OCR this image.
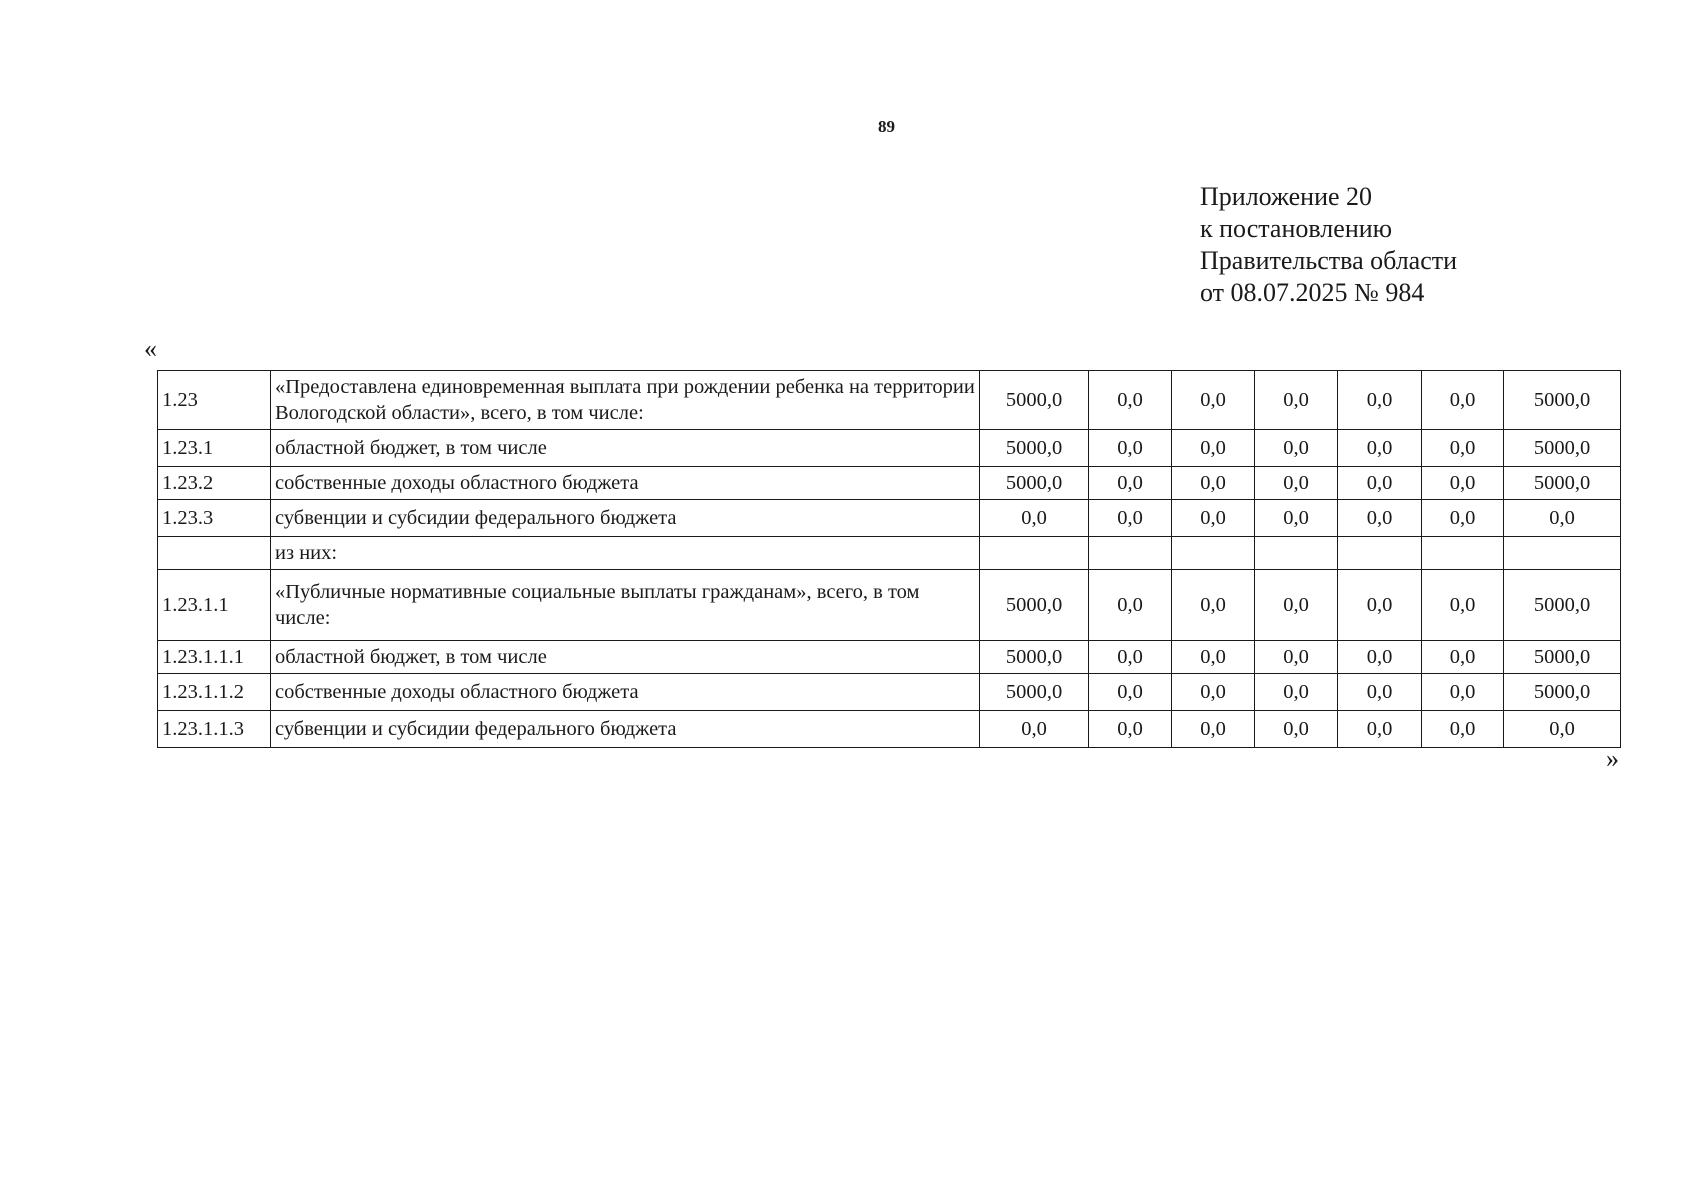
89
Приложение 20
к постановлению
Правительства области
от 08.07.2025 № 984
«
1.23	«Предоставлена единовременная выплата при рождении ребенка на территории Вологодской области», всего, в том числе:	5000,0	0,0	0,0	0,0	0,0	0,0	5000,0
1.23.1	областной бюджет, в том числе	5000,0	0,0	0,0	0,0	0,0	0,0	5000,0
1.23.2	собственные доходы областного бюджета	5000,0	0,0	0,0	0,0	0,0	0,0	5000,0
1.23.3	субвенции и субсидии федерального бюджета	0,0	0,0	0,0	0,0	0,0	0,0	0,0
	из них:							
1.23.1.1	«Публичные нормативные социальные выплаты гражданам», всего, в том числе:	5000,0	0,0	0,0	0,0	0,0	0,0	5000,0
1.23.1.1.1	областной бюджет, в том числе	5000,0	0,0	0,0	0,0	0,0	0,0	5000,0
1.23.1.1.2	собственные доходы областного бюджета	5000,0	0,0	0,0	0,0	0,0	0,0	5000,0
1.23.1.1.3	субвенции и субсидии федерального бюджета	0,0	0,0	0,0	0,0	0,0	0,0	0,0
»
